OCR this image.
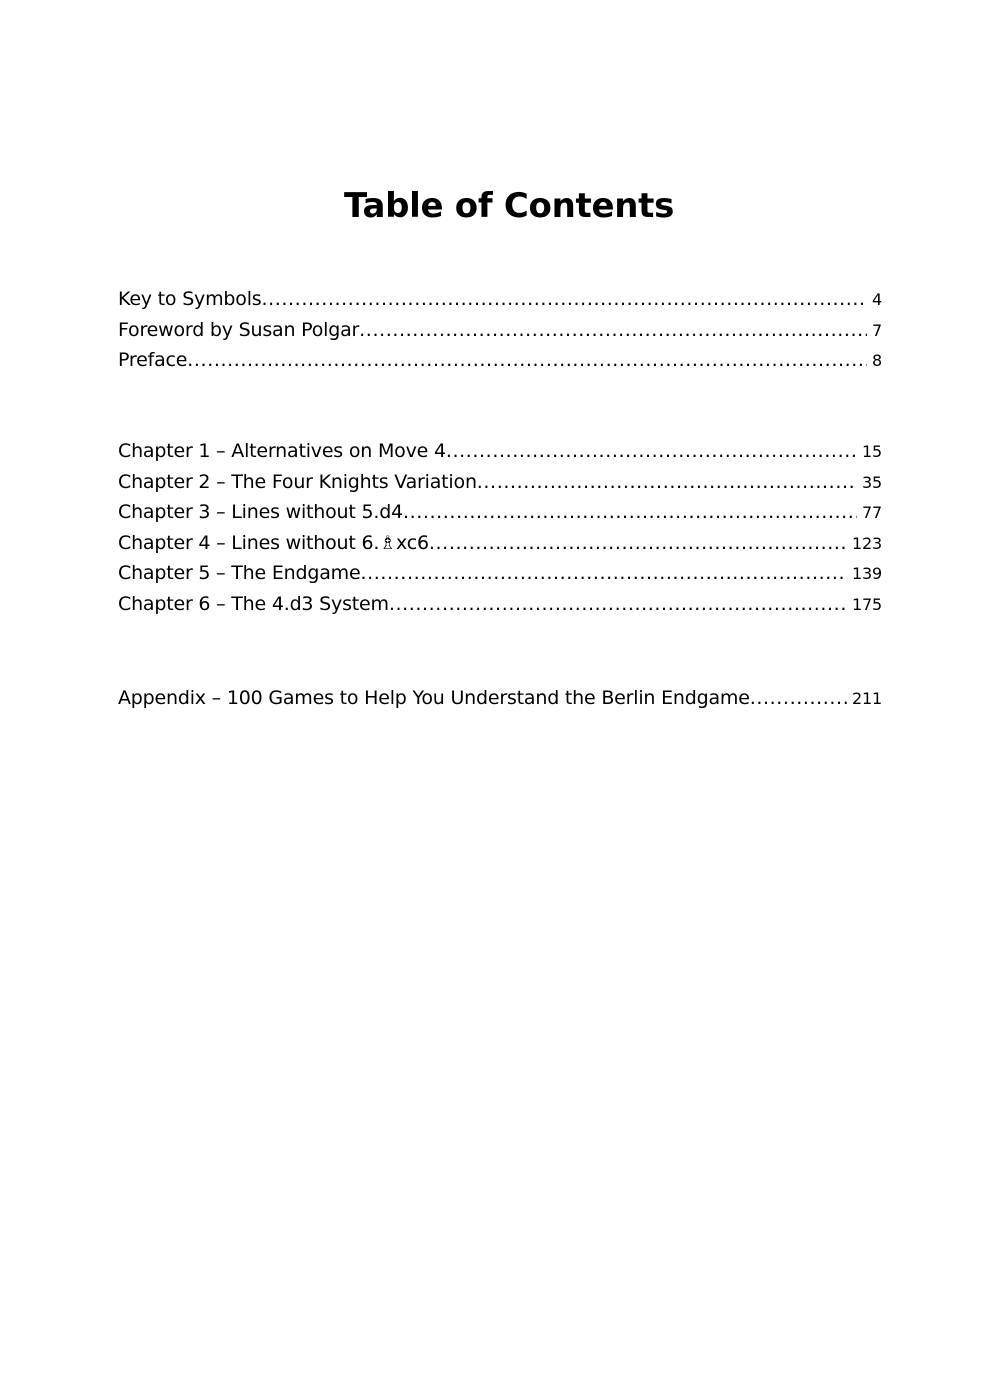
Table of Contents
Key to Symbols .....	4
Foreword by Susan Polgar .....	7
Preface .....	8
Chapter 1 – Alternatives on Move 4 .....	15
Chapter 2 – The Four Knights Variation .....	35
Chapter 3 – Lines without 5.d4 .....	77
Chapter 4 – Lines without 6.♗xc6 .....	123
Chapter 5 – The Endgame .....	139
Chapter 6 – The 4.d3 System .....	175
Appendix – 100 Games to Help You Understand the Berlin Endgame .....	211
